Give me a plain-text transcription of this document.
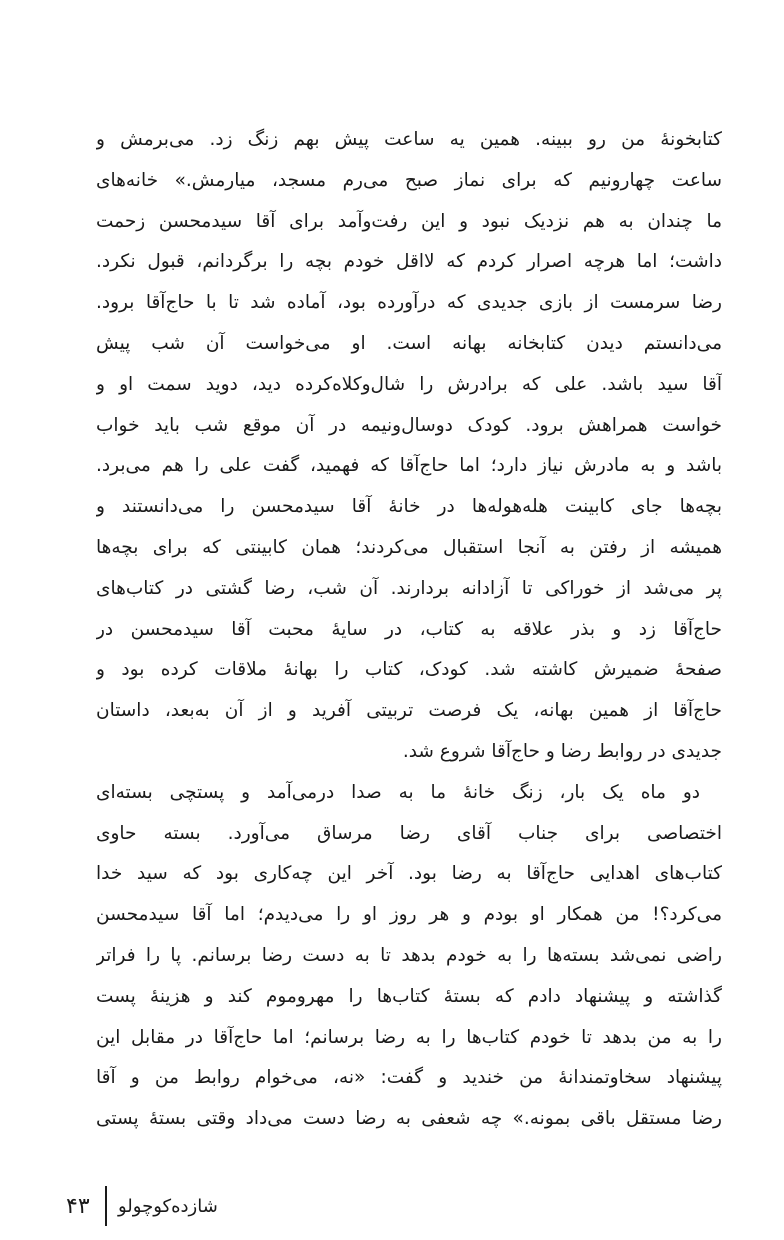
کتابخونهٔ من رو ببینه. همین یه ساعت پیش بهم زنگ زد. می‌برمش و
ساعت چهارونیم که برای نماز صبح می‌رم مسجد، میارمش.» خانه‌های
ما چندان به هم نزدیک نبود و این رفت‌وآمد برای آقا سیدمحسن زحمت
داشت؛ اما هرچه اصرار کردم که لااقل خودم بچه را برگردانم، قبول نکرد.
رضا سرمست از بازی جدیدی که درآورده بود، آماده شد تا با حاج‌آقا برود.
می‌دانستم دیدن کتابخانه بهانه است. او می‌خواست آن شب پیش
آقا سید باشد. علی که برادرش را شال‌وکلاه‌کرده دید، دوید سمت او و
خواست همراهش برود. کودک دوسال‌ونیمه در آن موقع شب باید خواب
باشد و به مادرش نیاز دارد؛ اما حاج‌آقا که فهمید، گفت علی را هم می‌برد.
بچه‌ها جای کابینت هله‌هوله‌ها در خانهٔ آقا سیدمحسن را می‌دانستند و
همیشه از رفتن به آنجا استقبال می‌کردند؛ همان کابینتی که برای بچه‌ها
پر می‌شد از خوراکی تا آزادانه بردارند. آن شب، رضا گشتی در کتاب‌های
حاج‌آقا زد و بذر علاقه به کتاب، در سایهٔ محبت آقا سیدمحسن در
صفحهٔ ضمیرش کاشته شد. کودک، کتاب را بهانهٔ ملاقات کرده بود و
حاج‌آقا از همین بهانه، یک فرصت تربیتی آفرید و از آن به‌بعد، داستان
جدیدی در روابط رضا و حاج‌آقا شروع شد.
دو ماه یک بار، زنگ خانهٔ ما به صدا درمی‌آمد و پستچی بسته‌ای
اختصاصی برای جناب آقای رضا مرساق می‌آورد. بسته حاوی
کتاب‌های اهدایی حاج‌آقا به رضا بود. آخر این چه‌کاری بود که سید خدا
می‌کرد؟! من همکار او بودم و هر روز او را می‌دیدم؛ اما آقا سیدمحسن
راضی نمی‌شد بسته‌ها را به خودم بدهد تا به دست رضا برسانم. پا را فراتر
گذاشته و پیشنهاد دادم که بستهٔ کتاب‌ها را مهروموم کند و هزینهٔ پست
را به من بدهد تا خودم کتاب‌ها را به رضا برسانم؛ اما حاج‌آقا در مقابل این
پیشنهاد سخاوتمندانهٔ من خندید و گفت: «نه، می‌خوام روابط من و آقا
رضا مستقل باقی بمونه.» چه شعفی به رضا دست می‌داد وقتی بستهٔ پستی
۴۳ شازده‌کوچولو
